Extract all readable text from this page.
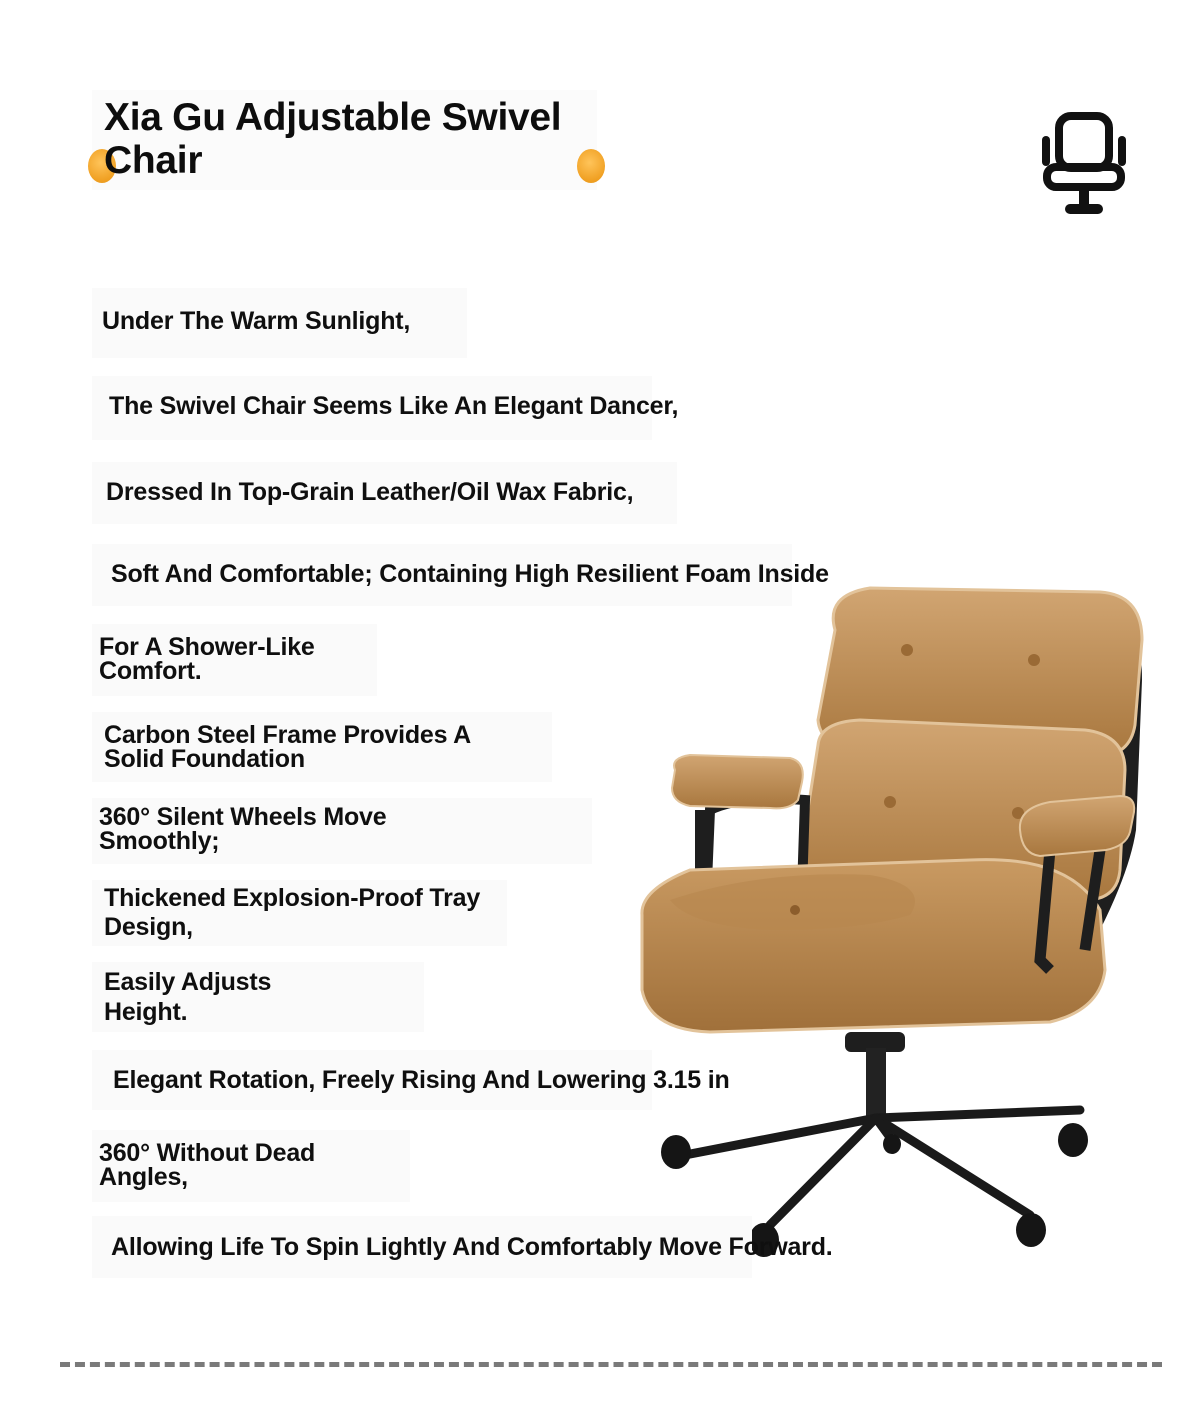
Xia Gu Adjustable Swivel Chair
Under The Warm Sunlight,
The Swivel Chair Seems Like An Elegant Dancer,
Dressed In Top-Grain Leather/Oil Wax Fabric,
Soft And Comfortable; Containing High Resilient Foam Inside
For A Shower-Like Comfort.
Carbon Steel Frame Provides A Solid Foundation
360° Silent Wheels Move Smoothly;
Thickened Explosion-Proof Tray Design,
Easily Adjusts Height.
Elegant Rotation, Freely Rising And Lowering 3.15 in
360° Without Dead Angles,
Allowing Life To Spin Lightly And Comfortably Move Forward.
